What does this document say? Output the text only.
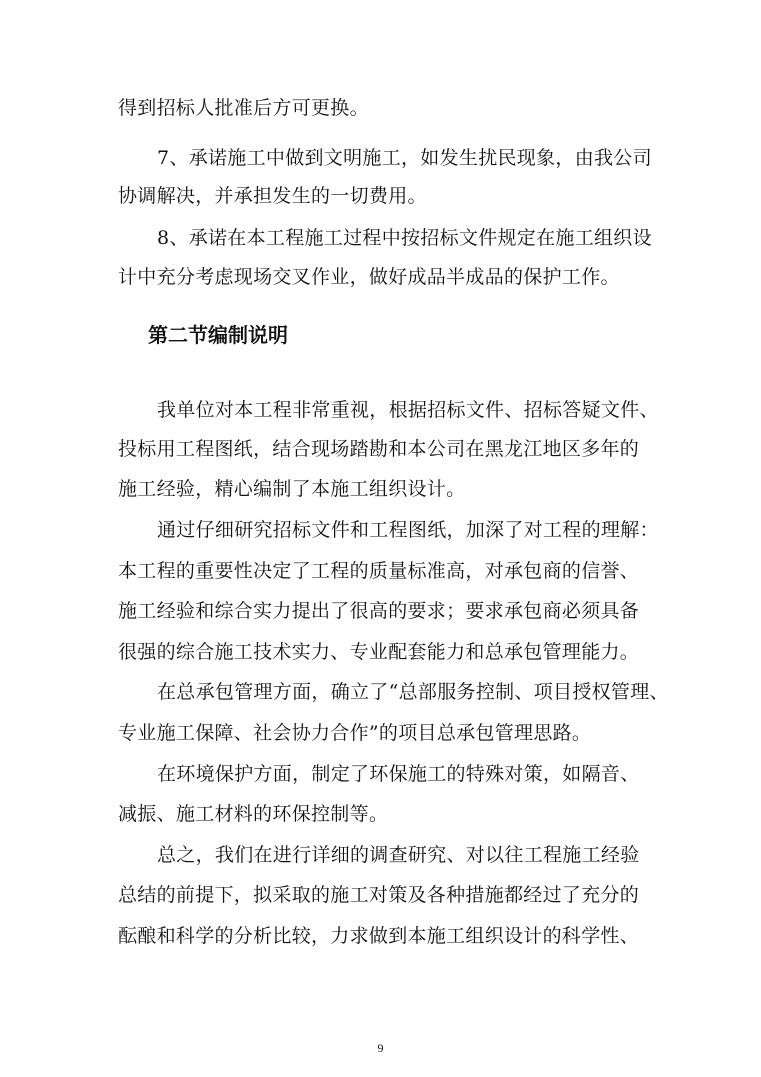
得到招标人批准后方可更换。
7、承诺施工中做到文明施工，如发生扰民现象，由我公司
协调解决，并承担发生的一切费用。
8、承诺在本工程施工过程中按招标文件规定在施工组织设
计中充分考虑现场交叉作业，做好成品半成品的保护工作。
第二节编制说明
我单位对本工程非常重视，根据招标文件、招标答疑文件、
投标用工程图纸，结合现场踏勘和本公司在黑龙江地区多年的
施工经验，精心编制了本施工组织设计。
通过仔细研究招标文件和工程图纸，加深了对工程的理解：
本工程的重要性决定了工程的质量标准高，对承包商的信誉、
施工经验和综合实力提出了很高的要求；要求承包商必须具备
很强的综合施工技术实力、专业配套能力和总承包管理能力。
在总承包管理方面，确立了“总部服务控制、项目授权管理、
专业施工保障、社会协力合作”的项目总承包管理思路。
在环境保护方面，制定了环保施工的特殊对策，如隔音、
减振、施工材料的环保控制等。
总之，我们在进行详细的调查研究、对以往工程施工经验
总结的前提下，拟采取的施工对策及各种措施都经过了充分的
酝酿和科学的分析比较，力求做到本施工组织设计的科学性、
9
